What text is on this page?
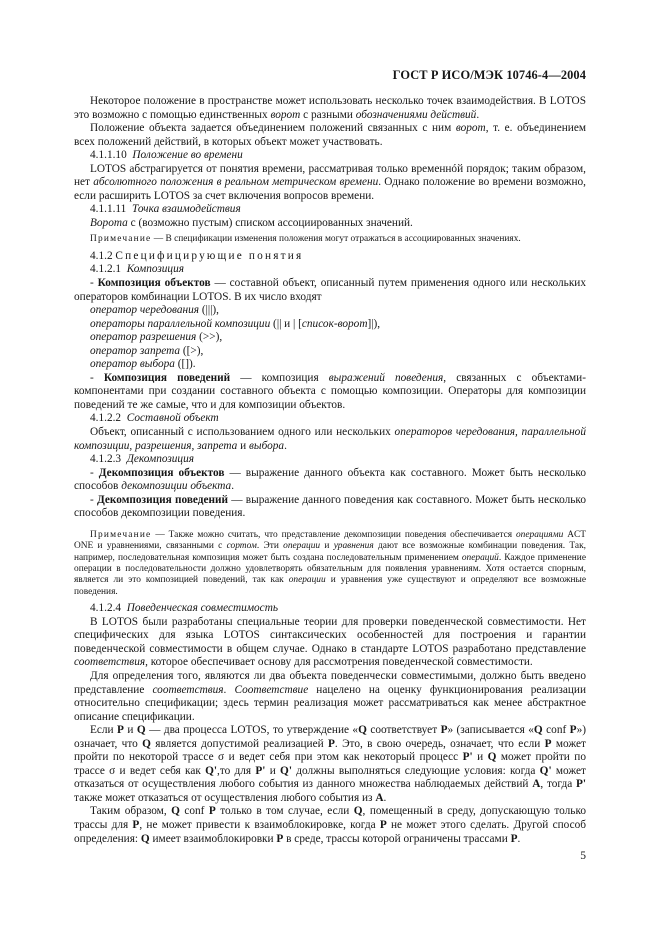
ГОСТ Р ИСО/МЭК 10746-4—2004

Некоторое положение в пространстве может использовать несколько точек взаимодействия. В LOTOS это возможно с помощью единственных ворот с разными обозначениями действий.

Положение объекта задается объединением положений связанных с ним ворот, т. е. объединением всех положений действий, в которых объект может участвовать.

4.1.1.10 Положение во времени

LOTOS абстрагируется от понятия времени, рассматривая только временнóй порядок; таким образом, нет абсолютного положения в реальном метрическом времени. Однако положение во времени возможно, если расширить LOTOS за счет включения вопросов времени.

4.1.1.11 Точка взаимодействия

Ворота с (возможно пустым) списком ассоциированных значений.

Примечание — В спецификации изменения положения могут отражаться в ассоциированных значениях.

4.1.2 Специфицирующие понятия

4.1.2.1 Композиция

- Композиция объектов — составной объект, описанный путем применения одного или нескольких операторов комбинации LOTOS. В их число входят

оператор чередования (|||),

операторы параллельной композиции (|| и | [список-ворот]|),

оператор разрешения (>>),

оператор запрета ([>),

оператор выбора ([]).

- Композиция поведений — композиция выражений поведения, связанных с объектами-компонентами при создании составного объекта с помощью композиции. Операторы для композиции поведений те же самые, что и для композиции объектов.

4.1.2.2 Составной объект

Объект, описанный с использованием одного или нескольких операторов чередования, параллельной композиции, разрешения, запрета и выбора.

4.1.2.3 Декомпозиция

- Декомпозиция объектов — выражение данного объекта как составного. Может быть несколько способов декомпозиции объекта.

- Декомпозиция поведений — выражение данного поведения как составного. Может быть несколько способов декомпозиции поведения.

Примечание — Также можно считать, что представление декомпозиции поведения обеспечивается операциями ACT ONE и уравнениями, связанными с сортом. Эти операции и уравнения дают все возможные комбинации поведения. Так, например, последовательная композиция может быть создана последовательным применением операций. Каждое применение операции в последовательности должно удовлетворять обязательным для появления уравнениям. Хотя остается спорным, является ли это композицией поведений, так как операции и уравнения уже существуют и определяют все возможные поведения.

4.1.2.4 Поведенческая совместимость

В LOTOS были разработаны специальные теории для проверки поведенческой совместимости. Нет специфических для языка LOTOS синтаксических особенностей для построения и гарантии поведенческой совместимости в общем случае. Однако в стандарте LOTOS разработано представление соответствия, которое обеспечивает основу для рассмотрения поведенческой совместимости.

Для определения того, являются ли два объекта поведенчески совместимыми, должно быть введено представление соответствия. Соответствие нацелено на оценку функционирования реализации относительно спецификации; здесь термин реализация может рассматриваться как менее абстрактное описание спецификации.

Если P и Q — два процесса LOTOS, то утверждение «Q соответствует P» (записывается «Q conf P») означает, что Q является допустимой реализацией P. Это, в свою очередь, означает, что если P может пройти по некоторой трассе σ и ведет себя при этом как некоторый процесс P' и Q может пройти по трассе σ и ведет себя как Q',то для P' и Q' должны выполняться следующие условия: когда Q' может отказаться от осуществления любого события из данного множества наблюдаемых действий A, тогда P' также может отказаться от осуществления любого события из A.

Таким образом, Q conf P только в том случае, если Q, помещенный в среду, допускающую только трассы для P, не может привести к взаимоблокировке, когда P не может этого сделать. Другой способ определения: Q имеет взаимоблокировки P в среде, трассы которой ограничены трассами P.

5
